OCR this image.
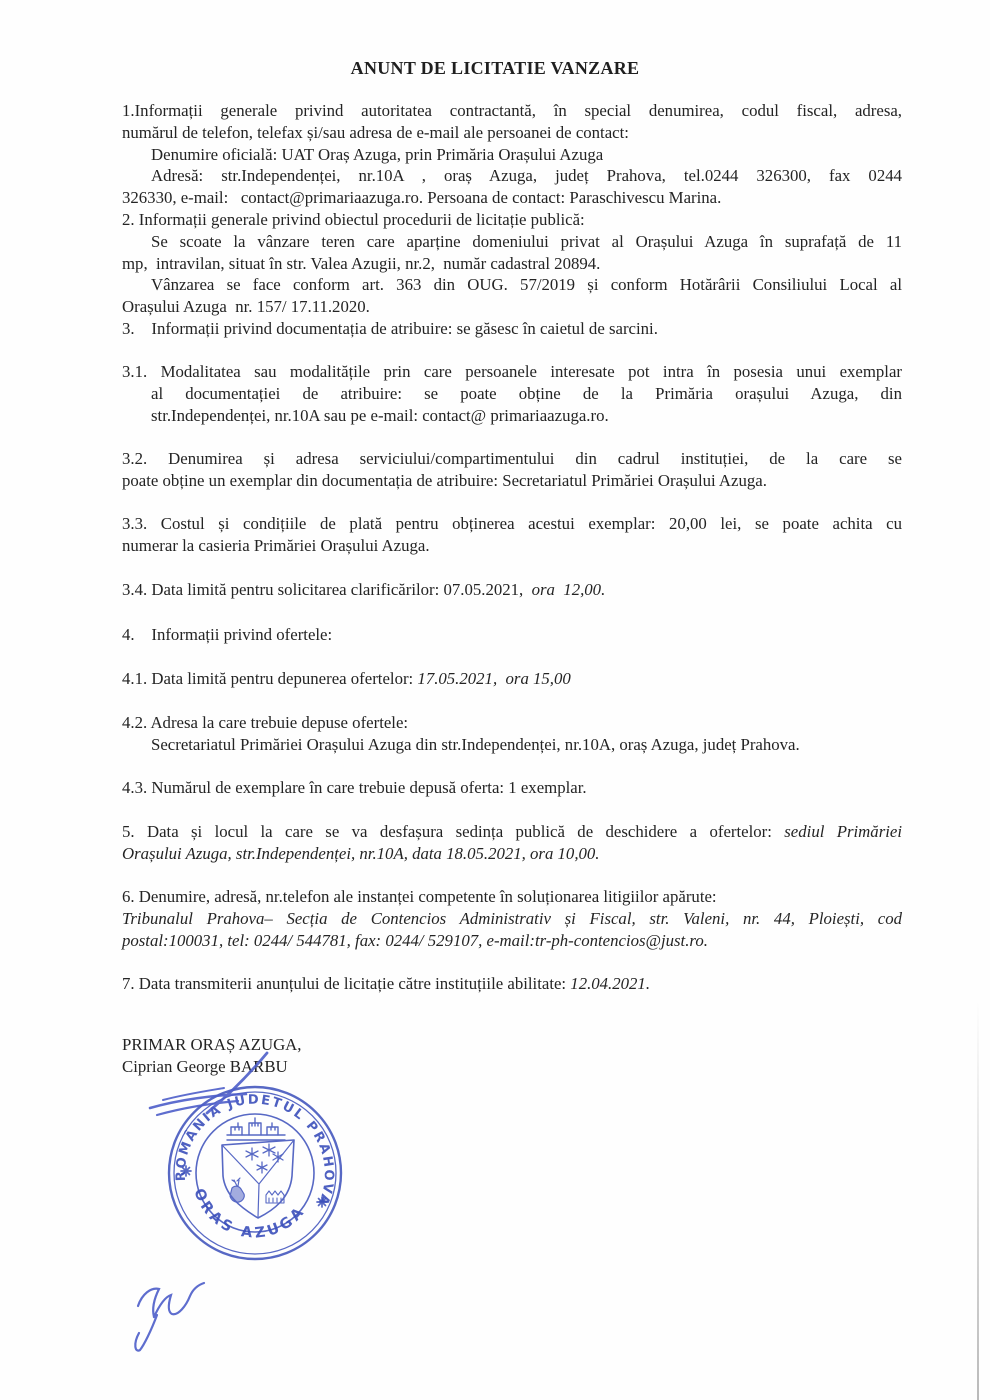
ANUNT DE LICITATIE VANZARE
1.Informații generale privind autoritatea contractantă, în special denumirea, codul fiscal, adresa,
numărul de telefon, telefax și/sau adresa de e-mail ale persoanei de contact:
Denumire oficială: UAT Oraș Azuga, prin Primăria Orașului Azuga
Adresă: str.Independenței, nr.10A , oraș Azuga, județ Prahova, tel.0244 326300, fax 0244
326330, e-mail:   contact@primariaazuga.ro. Persoana de contact: Paraschivescu Marina.
2. Informații generale privind obiectul procedurii de licitație publică:
Se scoate la vânzare teren care aparține domeniului privat al Orașului Azuga în suprafață de 11
mp,  intravilan, situat în str. Valea Azugii, nr.2,  număr cadastral 20894.
Vânzarea se face conform art. 363 din OUG. 57/2019 și conform Hotărârii Consiliului Local al
Orașului Azuga  nr. 157/ 17.11.2020.
3.    Informații privind documentația de atribuire: se găsesc în caietul de sarcini.
3.1. Modalitatea sau modalitățile prin care persoanele interesate pot intra în posesia unui exemplar
al documentației de atribuire: se poate obține de la Primăria orașului Azuga, din
str.Independenței, nr.10A sau pe e-mail: contact@ primariaazuga.ro.
3.2. Denumirea și adresa serviciului/compartimentului din cadrul instituției, de la care se
poate obține un exemplar din documentația de atribuire: Secretariatul Primăriei Orașului Azuga.
3.3. Costul și condițiile de plată pentru obținerea acestui exemplar: 20,00 lei, se poate achita cu
numerar la casieria Primăriei Orașului Azuga.
3.4. Data limită pentru solicitarea clarificărilor: 07.05.2021,  ora  12,00.
4.    Informații privind ofertele:
4.1. Data limită pentru depunerea ofertelor: 17.05.2021,  ora 15,00
4.2. Adresa la care trebuie depuse ofertele:
Secretariatul Primăriei Orașului Azuga din str.Independenței, nr.10A, oraș Azuga, județ Prahova.
4.3. Numărul de exemplare în care trebuie depusă oferta: 1 exemplar.
5. Data și locul la care se va desfașura sedința publică de deschidere a ofertelor: sediul Primăriei
Orașului Azuga, str.Independenței, nr.10A, data 18.05.2021, ora 10,00.
6. Denumire, adresă, nr.telefon ale instanței competente în soluționarea litigiilor apărute:
Tribunalul Prahova– Secția de Contencios Administrativ și Fiscal, str. Valeni, nr. 44, Ploiești, cod
postal:100031, tel: 0244/ 544781, fax: 0244/ 529107, e-mail:tr-ph-contencios@just.ro.
7. Data transmiterii anunțului de licitație către instituțiile abilitate: 12.04.2021.
PRIMAR ORAȘ AZUGA,
Ciprian George BARBU
ROMÂNIA JUDETUL PRAHOVA
ORAS AZUGA
